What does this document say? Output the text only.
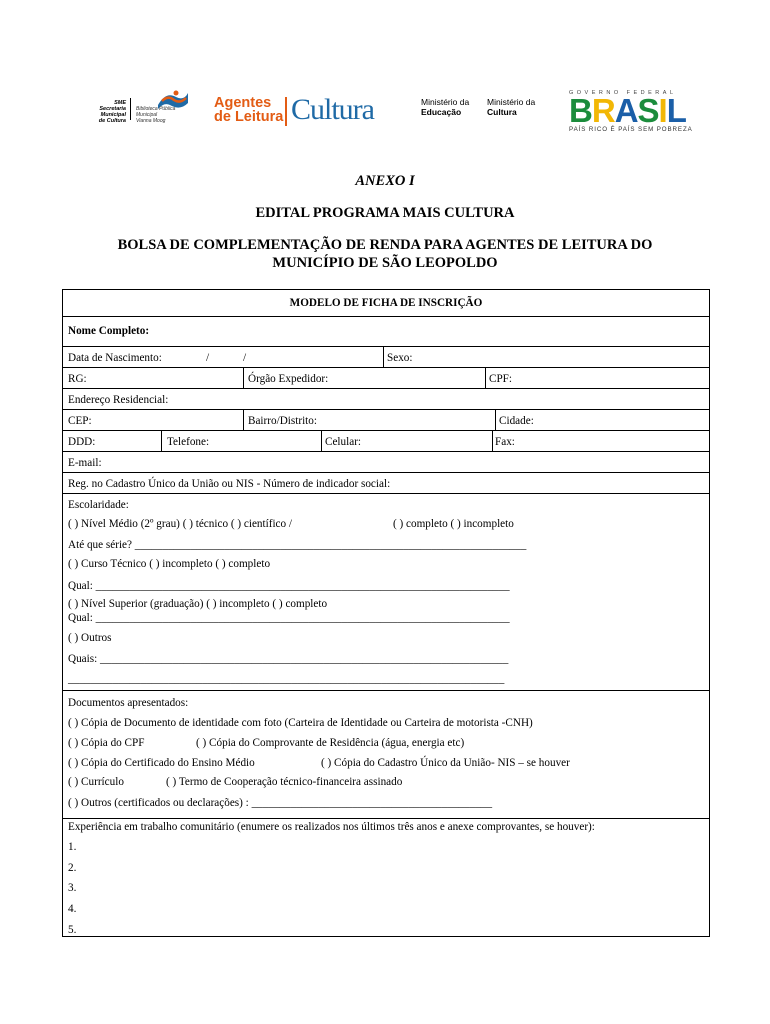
SME
Secretaria Municipal
de Cultura
Biblioteca Pública
Municipal
Vianna Moog
Agentes
de Leitura Cultura	Ministério da
Educação
Ministério da
Cultura
GOVERNO FEDERAL
BRASIL
PAÍS RICO É PAÍS SEM POBREZA
ANEXO I
EDITAL PROGRAMA MAIS CULTURA
BOLSA DE COMPLEMENTAÇÃO DE RENDA PARA AGENTES DE LEITURA DO
MUNICÍPIO DE SÃO LEOPOLDO
MODELO DE FICHA DE INSCRIÇÃO
Nome Completo:
Data de Nascimento:	/	/	Sexo:
RG:	Órgão Expedidor:	CPF:
Endereço Residencial:
CEP:	Bairro/Distrito:	Cidade:
DDD:	Telefone:	Celular:	Fax:
E-mail:
Reg. no Cadastro Único da União ou NIS - Número de indicador social:
Escolaridade:
( ) Nível Médio (2º grau) ( ) técnico ( ) científico /	( ) completo ( ) incompleto
Até que série? ______________________________________________________________________
( ) Curso Técnico ( ) incompleto ( ) completo
Qual: __________________________________________________________________________
( ) Nível Superior (graduação) ( ) incompleto ( ) completo
Qual: __________________________________________________________________________
( ) Outros
Quais: _________________________________________________________________________
______________________________________________________________________________
Documentos apresentados:
( ) Cópia de Documento de identidade com foto (Carteira de Identidade ou Carteira de motorista -CNH)
( ) Cópia do CPF	( ) Cópia do Comprovante de Residência (água, energia etc)
( ) Cópia do Certificado do Ensino Médio	( ) Cópia do Cadastro Único da União- NIS – se houver
( ) Currículo	( ) Termo de Cooperação técnico-financeira assinado
( ) Outros (certificados ou declarações) : ___________________________________________
Experiência em trabalho comunitário (enumere os realizados nos últimos três anos e anexe comprovantes, se houver):
1.
2.
3.
4.
5.
